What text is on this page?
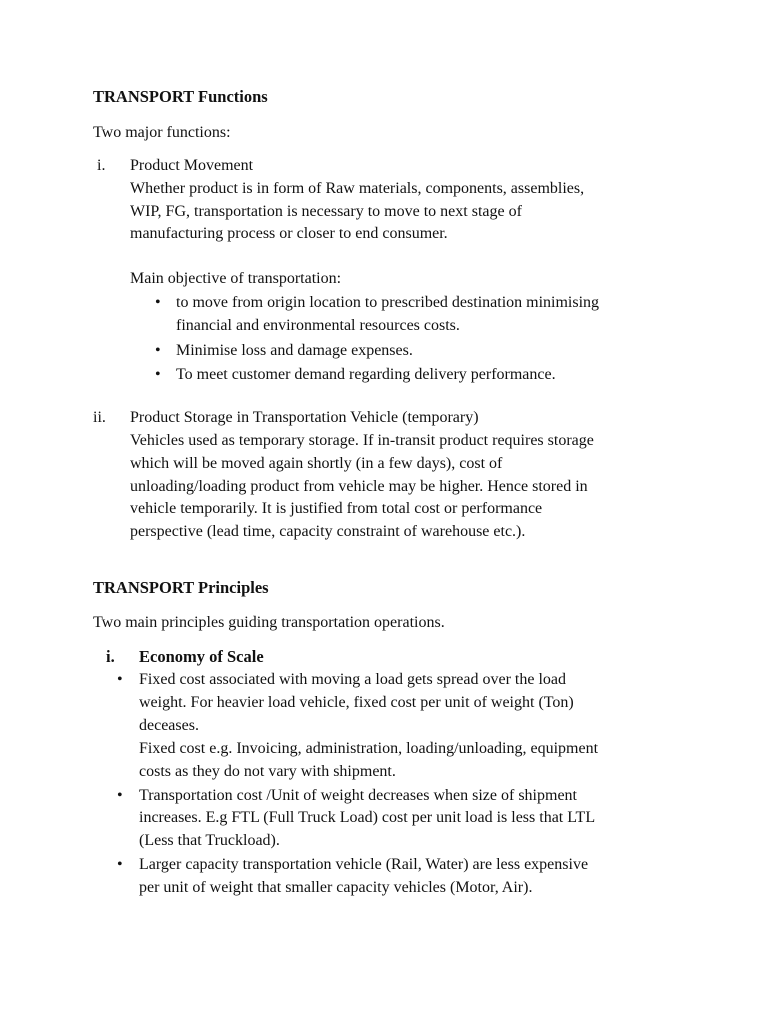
TRANSPORT Functions
Two major functions:
i. Product Movement
Whether product is in form of Raw materials, components, assemblies,
WIP, FG, transportation is necessary to move to next stage of
manufacturing process or closer to end consumer.
Main objective of transportation:
• to move from origin location to prescribed destination minimising
financial and environmental resources costs.
• Minimise loss and damage expenses.
• To meet customer demand regarding delivery performance.
ii. Product Storage in Transportation Vehicle (temporary)
Vehicles used as temporary storage. If in-transit product requires storage
which will be moved again shortly (in a few days), cost of
unloading/loading product from vehicle may be higher. Hence stored in
vehicle temporarily. It is justified from total cost or performance
perspective (lead time, capacity constraint of warehouse etc.).
TRANSPORT Principles
Two main principles guiding transportation operations.
i. Economy of Scale
• Fixed cost associated with moving a load gets spread over the load
weight. For heavier load vehicle, fixed cost per unit of weight (Ton)
deceases.
Fixed cost e.g. Invoicing, administration, loading/unloading, equipment
costs as they do not vary with shipment.
• Transportation cost /Unit of weight decreases when size of shipment
increases. E.g FTL (Full Truck Load) cost per unit load is less that LTL
(Less that Truckload).
• Larger capacity transportation vehicle (Rail, Water) are less expensive
per unit of weight that smaller capacity vehicles (Motor, Air).
